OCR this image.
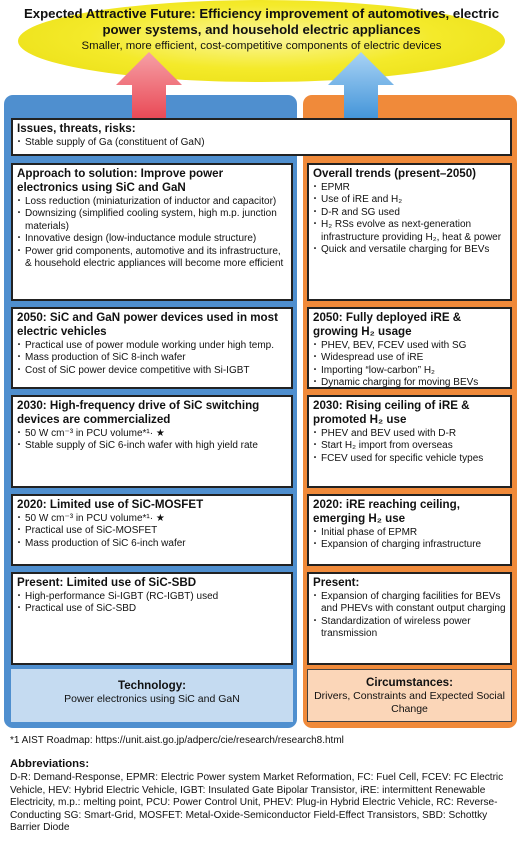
Expected Attractive Future: Efficiency improvement of automotives, electric power systems, and household electric appliances
Smaller, more efficient, cost-competitive components of electric devices
Issues, threats, risks:
・ Stable supply of Ga (constituent of GaN)
Approach to solution: Improve power electronics using SiC and GaN
・ Loss reduction (miniaturization of inductor and capacitor)
・ Downsizing (simplified cooling system, high m.p. junction materials)
・ Innovative design (low-inductance module structure)
・ Power grid components, automotive and its infrastructure, & household electric appliances will become more efficient
2050: SiC and GaN power devices used in most electric vehicles
・ Practical use of power module working under high temp.
・ Mass production of SiC 8-inch wafer
・ Cost of SiC power device competitive with Si-IGBT
2030: High-frequency drive of SiC switching devices are commercialized
・ 50 W cm⁻³ in PCU volume*¹· ★
・ Stable supply of SiC 6-inch wafer with high yield rate
2020: Limited use of SiC-MOSFET
・ 50 W cm⁻³ in PCU volume*¹· ★
・ Practical use of SiC-MOSFET
・ Mass production of SiC 6-inch wafer
Present: Limited use of SiC-SBD
・ High-performance Si-IGBT (RC-IGBT) used
・ Practical use of SiC-SBD
Overall trends (present–2050)
・ EPMR
・ Use of iRE and H₂
・ D-R and SG used
・ H₂ RSs evolve as next-generation infrastructure providing H₂, heat & power
・ Quick and versatile charging for BEVs
2050: Fully deployed iRE & growing H₂ usage
・ PHEV, BEV, FCEV used with SG
・ Widespread use of iRE
・ Importing “low-carbon” H₂
・ Dynamic charging for moving BEVs
2030: Rising ceiling of iRE & promoted H₂ use
・ PHEV and BEV used with D-R
・ Start H₂ import from overseas
・ FCEV used for specific vehicle types
2020: iRE reaching ceiling, emerging H₂ use
・ Initial phase of EPMR
・ Expansion of charging infrastructure
Present:
・ Expansion of charging facilities for BEVs and PHEVs with constant output charging
・ Standardization of wireless power transmission
Technology:
Power electronics using SiC and GaN
Circumstances:
Drivers, Constraints and Expected Social Change
*1 AIST Roadmap: https://unit.aist.go.jp/adperc/cie/research/research8.html
Abbreviations:
D-R: Demand-Response, EPMR: Electric Power system Market Reformation, FC: Fuel Cell, FCEV: FC Electric Vehicle, HEV: Hybrid Electric Vehicle, IGBT: Insulated Gate Bipolar Transistor, iRE: intermittent Renewable Electricity, m.p.: melting point, PCU: Power Control Unit, PHEV: Plug-in Hybrid Electric Vehicle, RC: Reverse-Conducting SG: Smart-Grid, MOSFET: Metal-Oxide-Semiconductor Field-Effect Transistors, SBD: Schottky Barrier Diode
